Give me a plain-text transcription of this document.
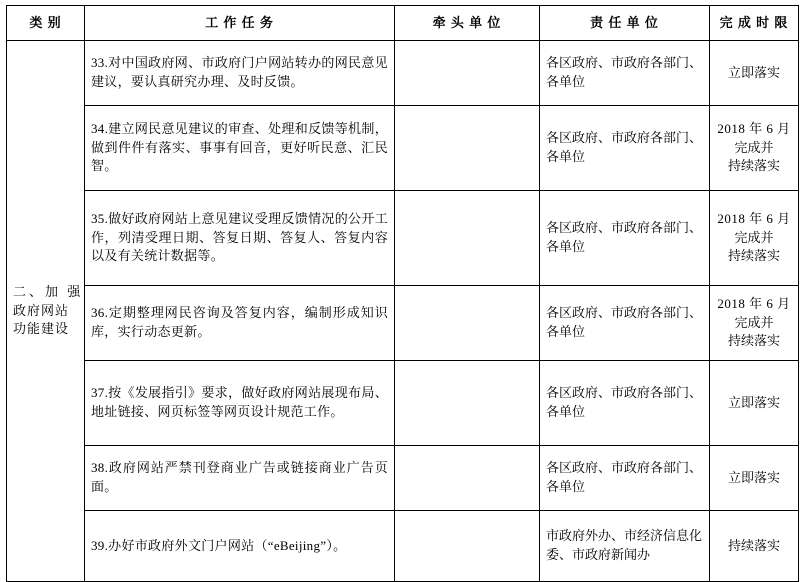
类 别	工 作 任 务	牵 头 单 位	责 任 单 位	完 成 时 限

二、加 强
政府网站
功能建设	33.对中国政府网、市政府门户网站转办的网民意见建议，要认真研究办理、及时反馈。		各区政府、市政府各部门、各单位	立即落实

	34.建立网民意见建议的审查、处理和反馈等机制，做到件件有落实、事事有回音，更好听民意、汇民智。		各区政府、市政府各部门、各单位	2018 年 6 月
完成并
持续落实

	35.做好政府网站上意见建议受理反馈情况的公开工作，列清受理日期、答复日期、答复人、答复内容以及有关统计数据等。		各区政府、市政府各部门、各单位	2018 年 6 月
完成并
持续落实

	36.定期整理网民咨询及答复内容，编制形成知识库，实行动态更新。		各区政府、市政府各部门、各单位	2018 年 6 月
完成并
持续落实

	37.按《发展指引》要求，做好政府网站展现布局、地址链接、网页标签等网页设计规范工作。		各区政府、市政府各部门、各单位	立即落实

	38.政府网站严禁刊登商业广告或链接商业广告页面。		各区政府、市政府各部门、各单位	立即落实

	39.办好市政府外文门户网站（“eBeijing”）。		市政府外办、市经济信息化委、市政府新闻办	持续落实
